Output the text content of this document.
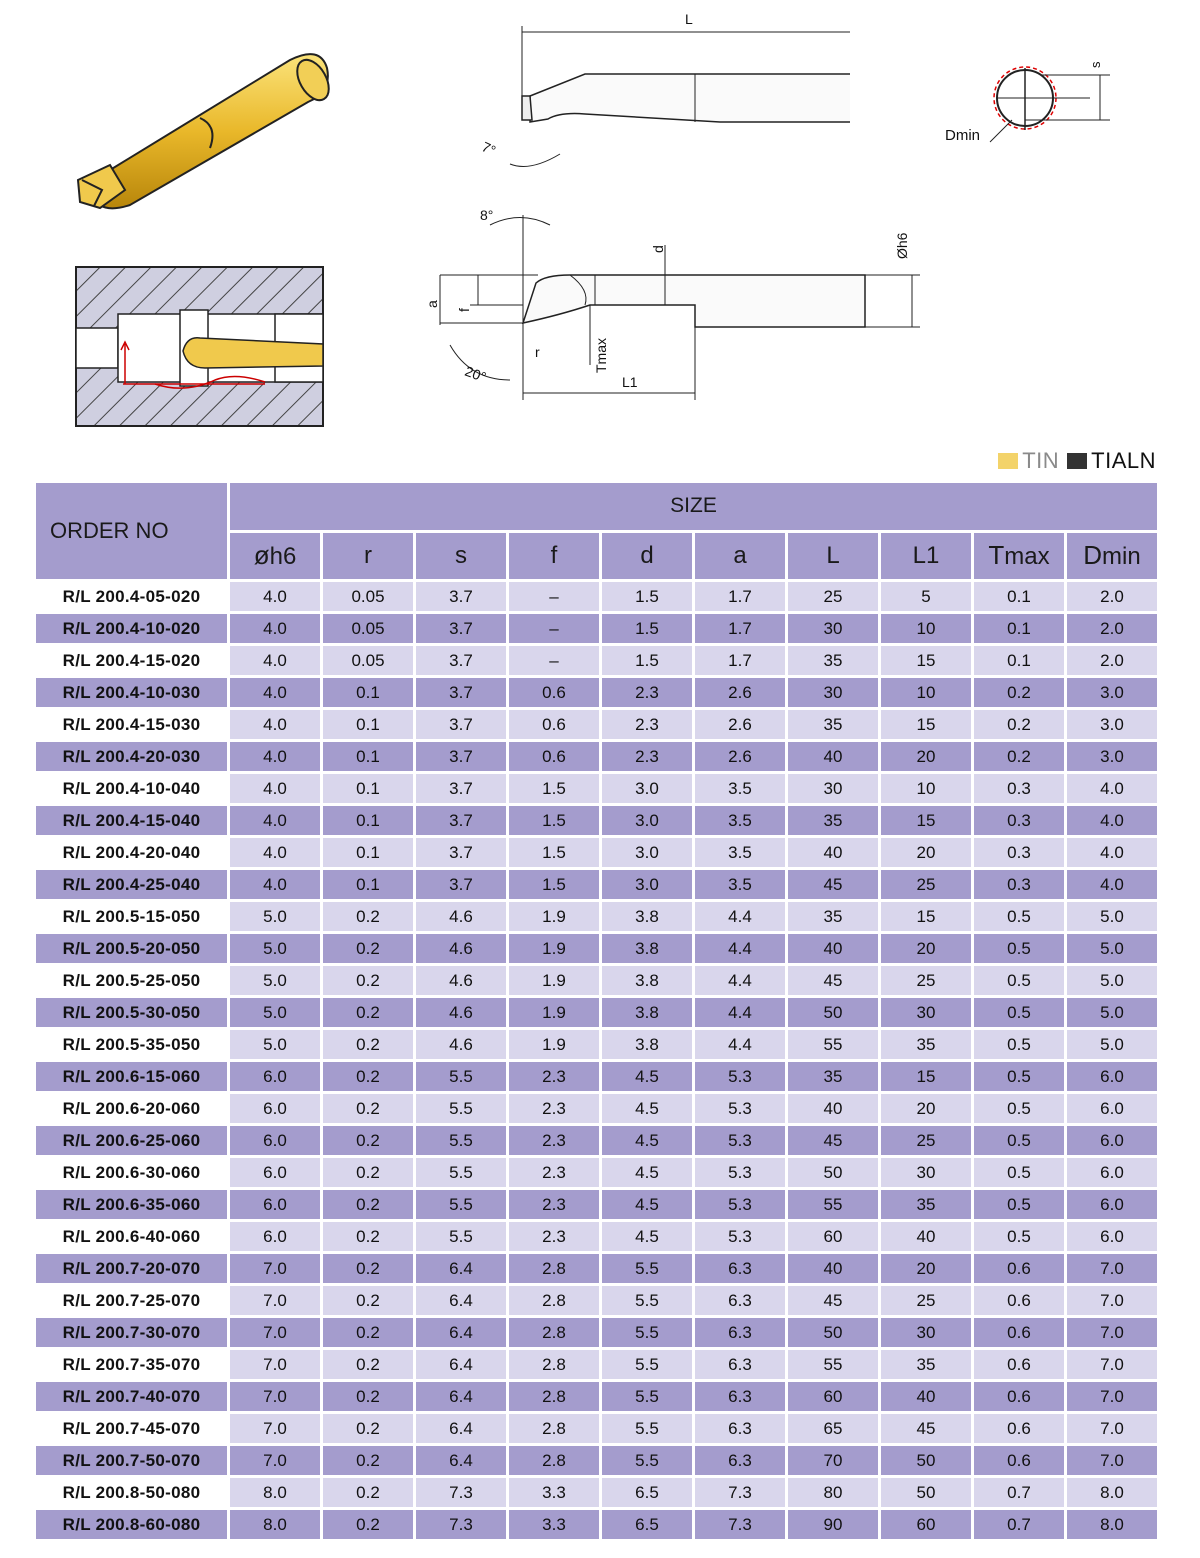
L
7°
s
Dmin
a
f
d	Øh6
L1
Tmax
r
8°
20°
TIN TIALN
ORDER NO	SIZE									
	øh6	r	s	f	d	a	L	L1	Tmax	Dmin
R/L 200.4-05-020	4.0	0.05	3.7	–	1.5	1.7	25	5	0.1	2.0
R/L 200.4-10-020	4.0	0.05	3.7	–	1.5	1.7	30	10	0.1	2.0
R/L 200.4-15-020	4.0	0.05	3.7	–	1.5	1.7	35	15	0.1	2.0
R/L 200.4-10-030	4.0	0.1	3.7	0.6	2.3	2.6	30	10	0.2	3.0
R/L 200.4-15-030	4.0	0.1	3.7	0.6	2.3	2.6	35	15	0.2	3.0
R/L 200.4-20-030	4.0	0.1	3.7	0.6	2.3	2.6	40	20	0.2	3.0
R/L 200.4-10-040	4.0	0.1	3.7	1.5	3.0	3.5	30	10	0.3	4.0
R/L 200.4-15-040	4.0	0.1	3.7	1.5	3.0	3.5	35	15	0.3	4.0
R/L 200.4-20-040	4.0	0.1	3.7	1.5	3.0	3.5	40	20	0.3	4.0
R/L 200.4-25-040	4.0	0.1	3.7	1.5	3.0	3.5	45	25	0.3	4.0
R/L 200.5-15-050	5.0	0.2	4.6	1.9	3.8	4.4	35	15	0.5	5.0
R/L 200.5-20-050	5.0	0.2	4.6	1.9	3.8	4.4	40	20	0.5	5.0
R/L 200.5-25-050	5.0	0.2	4.6	1.9	3.8	4.4	45	25	0.5	5.0
R/L 200.5-30-050	5.0	0.2	4.6	1.9	3.8	4.4	50	30	0.5	5.0
R/L 200.5-35-050	5.0	0.2	4.6	1.9	3.8	4.4	55	35	0.5	5.0
R/L 200.6-15-060	6.0	0.2	5.5	2.3	4.5	5.3	35	15	0.5	6.0
R/L 200.6-20-060	6.0	0.2	5.5	2.3	4.5	5.3	40	20	0.5	6.0
R/L 200.6-25-060	6.0	0.2	5.5	2.3	4.5	5.3	45	25	0.5	6.0
R/L 200.6-30-060	6.0	0.2	5.5	2.3	4.5	5.3	50	30	0.5	6.0
R/L 200.6-35-060	6.0	0.2	5.5	2.3	4.5	5.3	55	35	0.5	6.0
R/L 200.6-40-060	6.0	0.2	5.5	2.3	4.5	5.3	60	40	0.5	6.0
R/L 200.7-20-070	7.0	0.2	6.4	2.8	5.5	6.3	40	20	0.6	7.0
R/L 200.7-25-070	7.0	0.2	6.4	2.8	5.5	6.3	45	25	0.6	7.0
R/L 200.7-30-070	7.0	0.2	6.4	2.8	5.5	6.3	50	30	0.6	7.0
R/L 200.7-35-070	7.0	0.2	6.4	2.8	5.5	6.3	55	35	0.6	7.0
R/L 200.7-40-070	7.0	0.2	6.4	2.8	5.5	6.3	60	40	0.6	7.0
R/L 200.7-45-070	7.0	0.2	6.4	2.8	5.5	6.3	65	45	0.6	7.0
R/L 200.7-50-070	7.0	0.2	6.4	2.8	5.5	6.3	70	50	0.6	7.0
R/L 200.8-50-080	8.0	0.2	7.3	3.3	6.5	7.3	80	50	0.7	8.0
R/L 200.8-60-080	8.0	0.2	7.3	3.3	6.5	7.3	90	60	0.7	8.0
